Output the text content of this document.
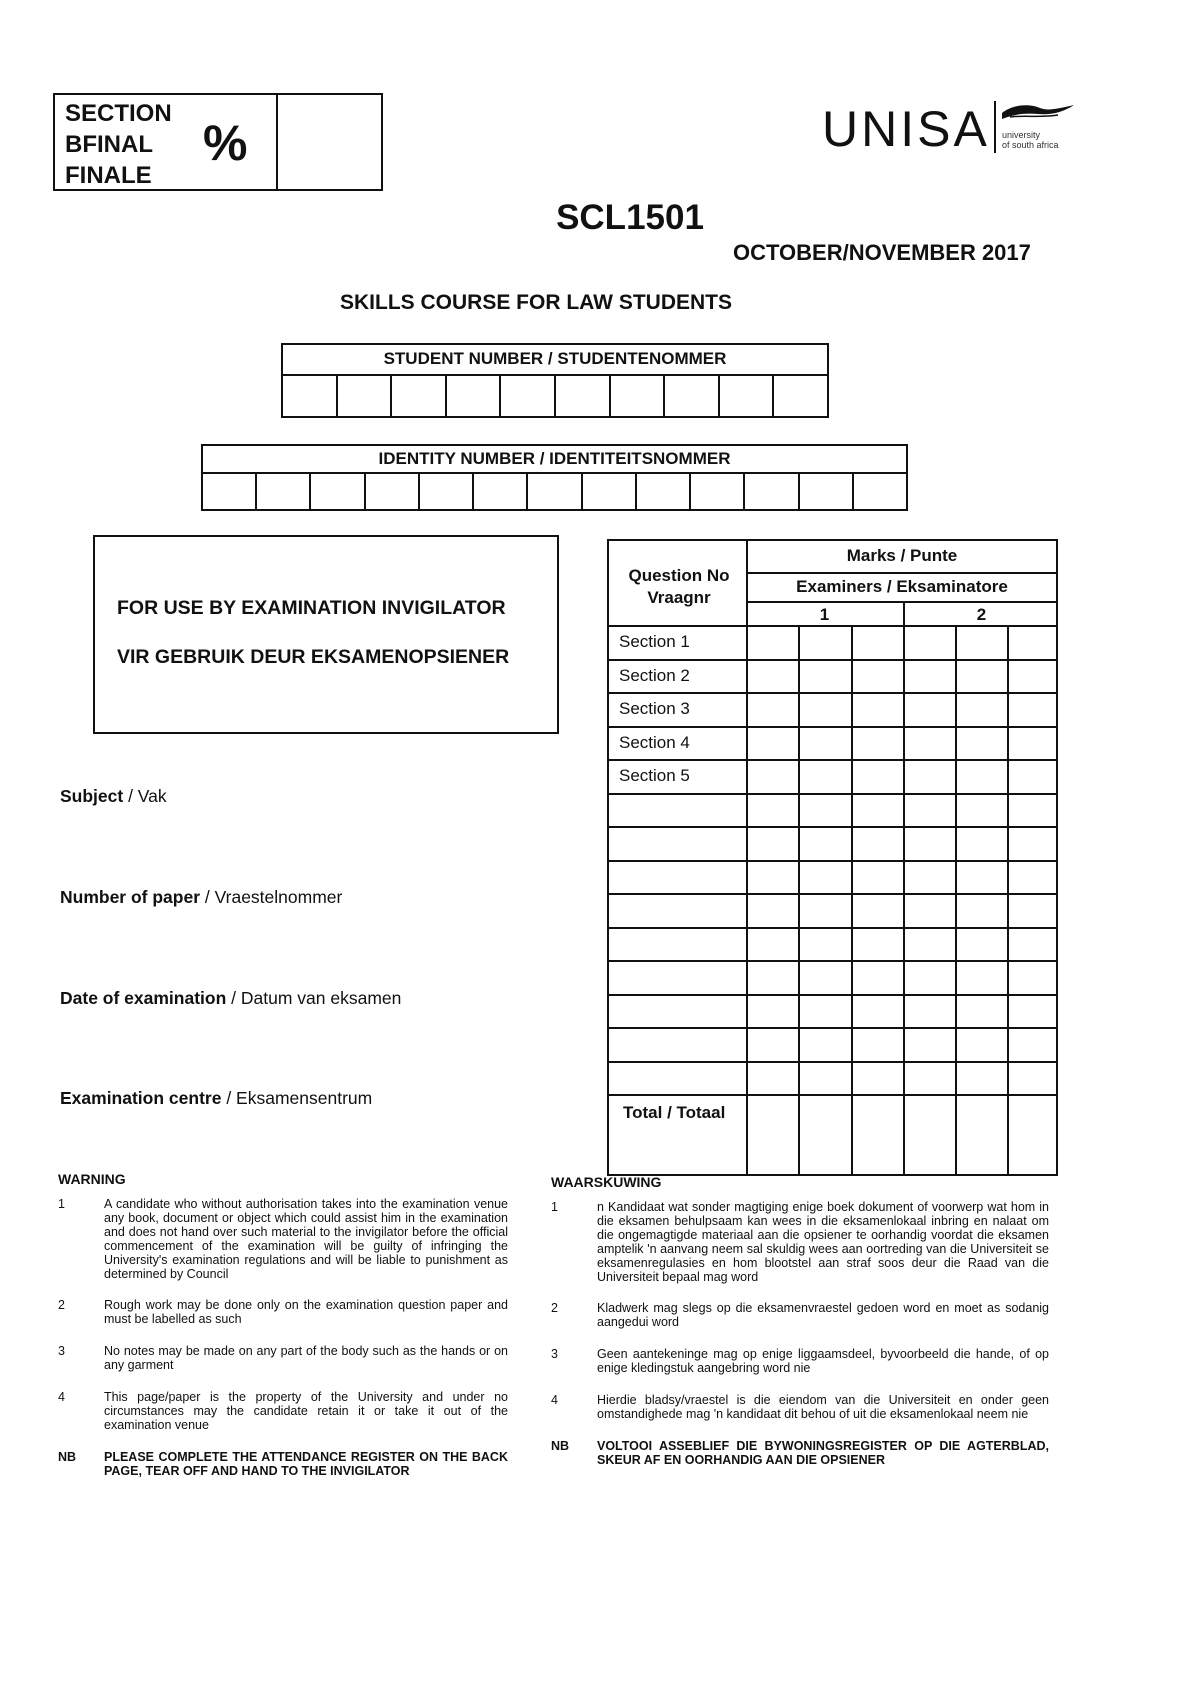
SECTION
BFINAL
FINALE
%	UNISA university
of south africa
SCL1501
OCTOBER/NOVEMBER 2017
SKILLS COURSE FOR LAW STUDENTS
STUDENT NUMBER / STUDENTENOMMER
IDENTITY NUMBER / IDENTITEITSNOMMER
FOR USE BY EXAMINATION INVIGILATOR
VIR GEBRUIK DEUR EKSAMENOPSIENER
Subject / Vak
Number of paper / Vraestelnommer
Date of examination / Datum van eksamen
Examination centre / Eksamensentrum
Question No
Vraagnr
Marks / Punte
Examiners / Eksaminatore
1	2
Section 1
Section 2
Section 3
Section 4
Section 5
Total / Totaal
WARNING
1	A candidate who without authorisation takes into the examination venue any book, document or object which could assist him in the examination and does not hand over such material to the invigilator before the official commencement of the examination will be guilty of infringing the University's examination regulations and will be liable to punishment as determined by Council
2	Rough work may be done only on the examination question paper and must be labelled as such
3	No notes may be made on any part of the body such as the hands or on any garment
4	This page/paper is the property of the University and under no circumstances may the candidate retain it or take it out of the examination venue
NB	PLEASE COMPLETE THE ATTENDANCE REGISTER ON THE BACK PAGE, TEAR OFF AND HAND TO THE INVIGILATOR
WAARSKUWING
1	n Kandidaat wat sonder magtiging enige boek dokument of voorwerp wat hom in die eksamen behulpsaam kan wees in die eksamenlokaal inbring en nalaat om die ongemagtigde materiaal aan die opsiener te oorhandig voordat die eksamen amptelik 'n aanvang neem sal skuldig wees aan oortreding van die Universiteit se eksamenregulasies en hom blootstel aan straf soos deur die Raad van die Universiteit bepaal mag word
2	Kladwerk mag slegs op die eksamenvraestel gedoen word en moet as sodanig aangedui word
3	Geen aantekeninge mag op enige liggaamsdeel, byvoorbeeld die hande, of op enige kledingstuk aangebring word nie
4	Hierdie bladsy/vraestel is die eiendom van die Universiteit en onder geen omstandighede mag 'n kandidaat dit behou of uit die eksamenlokaal neem nie
NB	VOLTOOI ASSEBLIEF DIE BYWONINGSREGISTER OP DIE AGTERBLAD, SKEUR AF EN OORHANDIG AAN DIE OPSIENER
